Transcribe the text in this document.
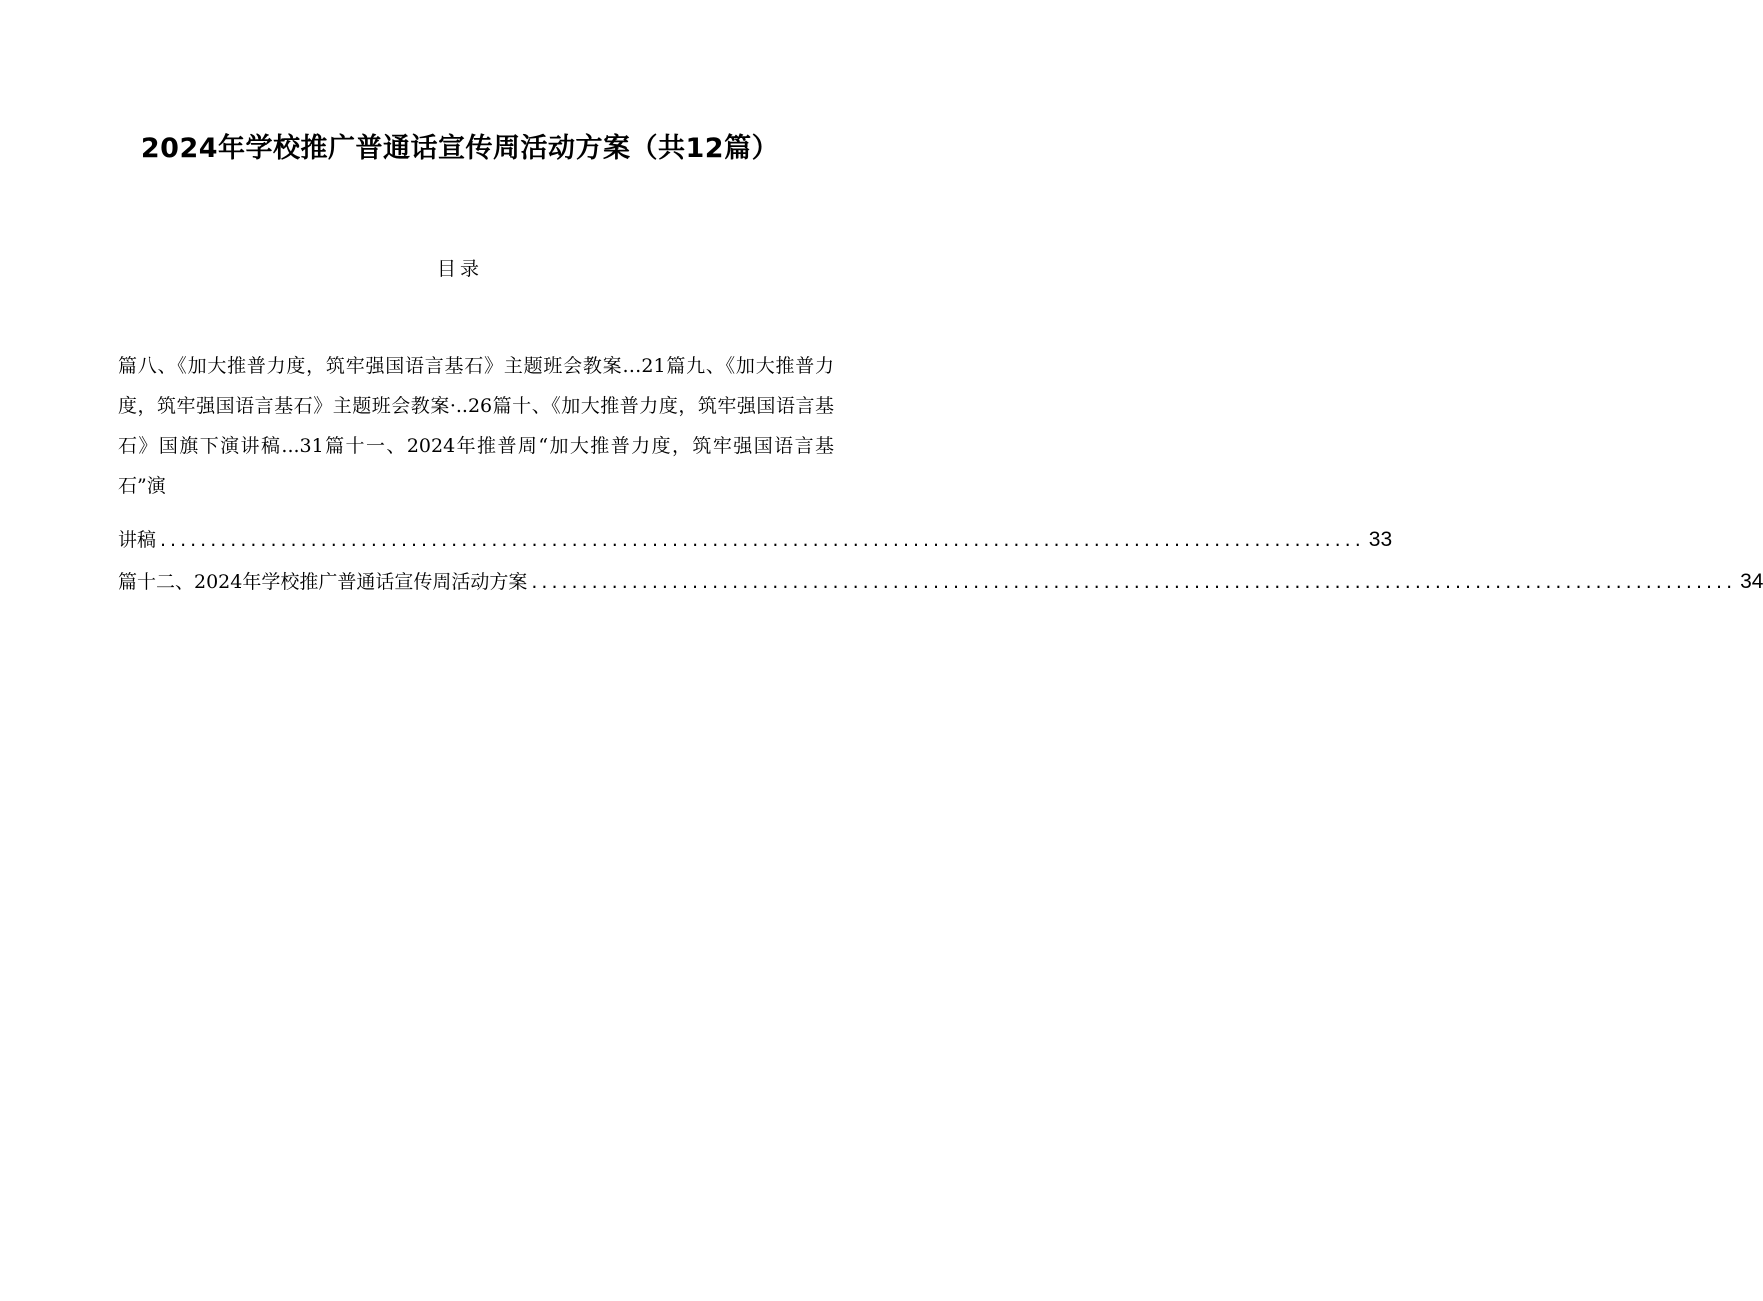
2024年学校推广普通话宣传周活动方案（共12篇）
目录
篇八、《加大推普力度，筑牢强国语言基石》主题班会教案…21篇九、《加大推普力度，筑牢强国语言基石》主题班会教案·..26篇十、《加大推普力度，筑牢强国语言基石》国旗下演讲稿...31篇十一、2024年推普周“加大推普力度，筑牢强国语言基石”演
讲稿 ........................................................................................................................ 33
篇十二、2024年学校推广普通话宣传周活动方案 ........................................................................................................................ 34
